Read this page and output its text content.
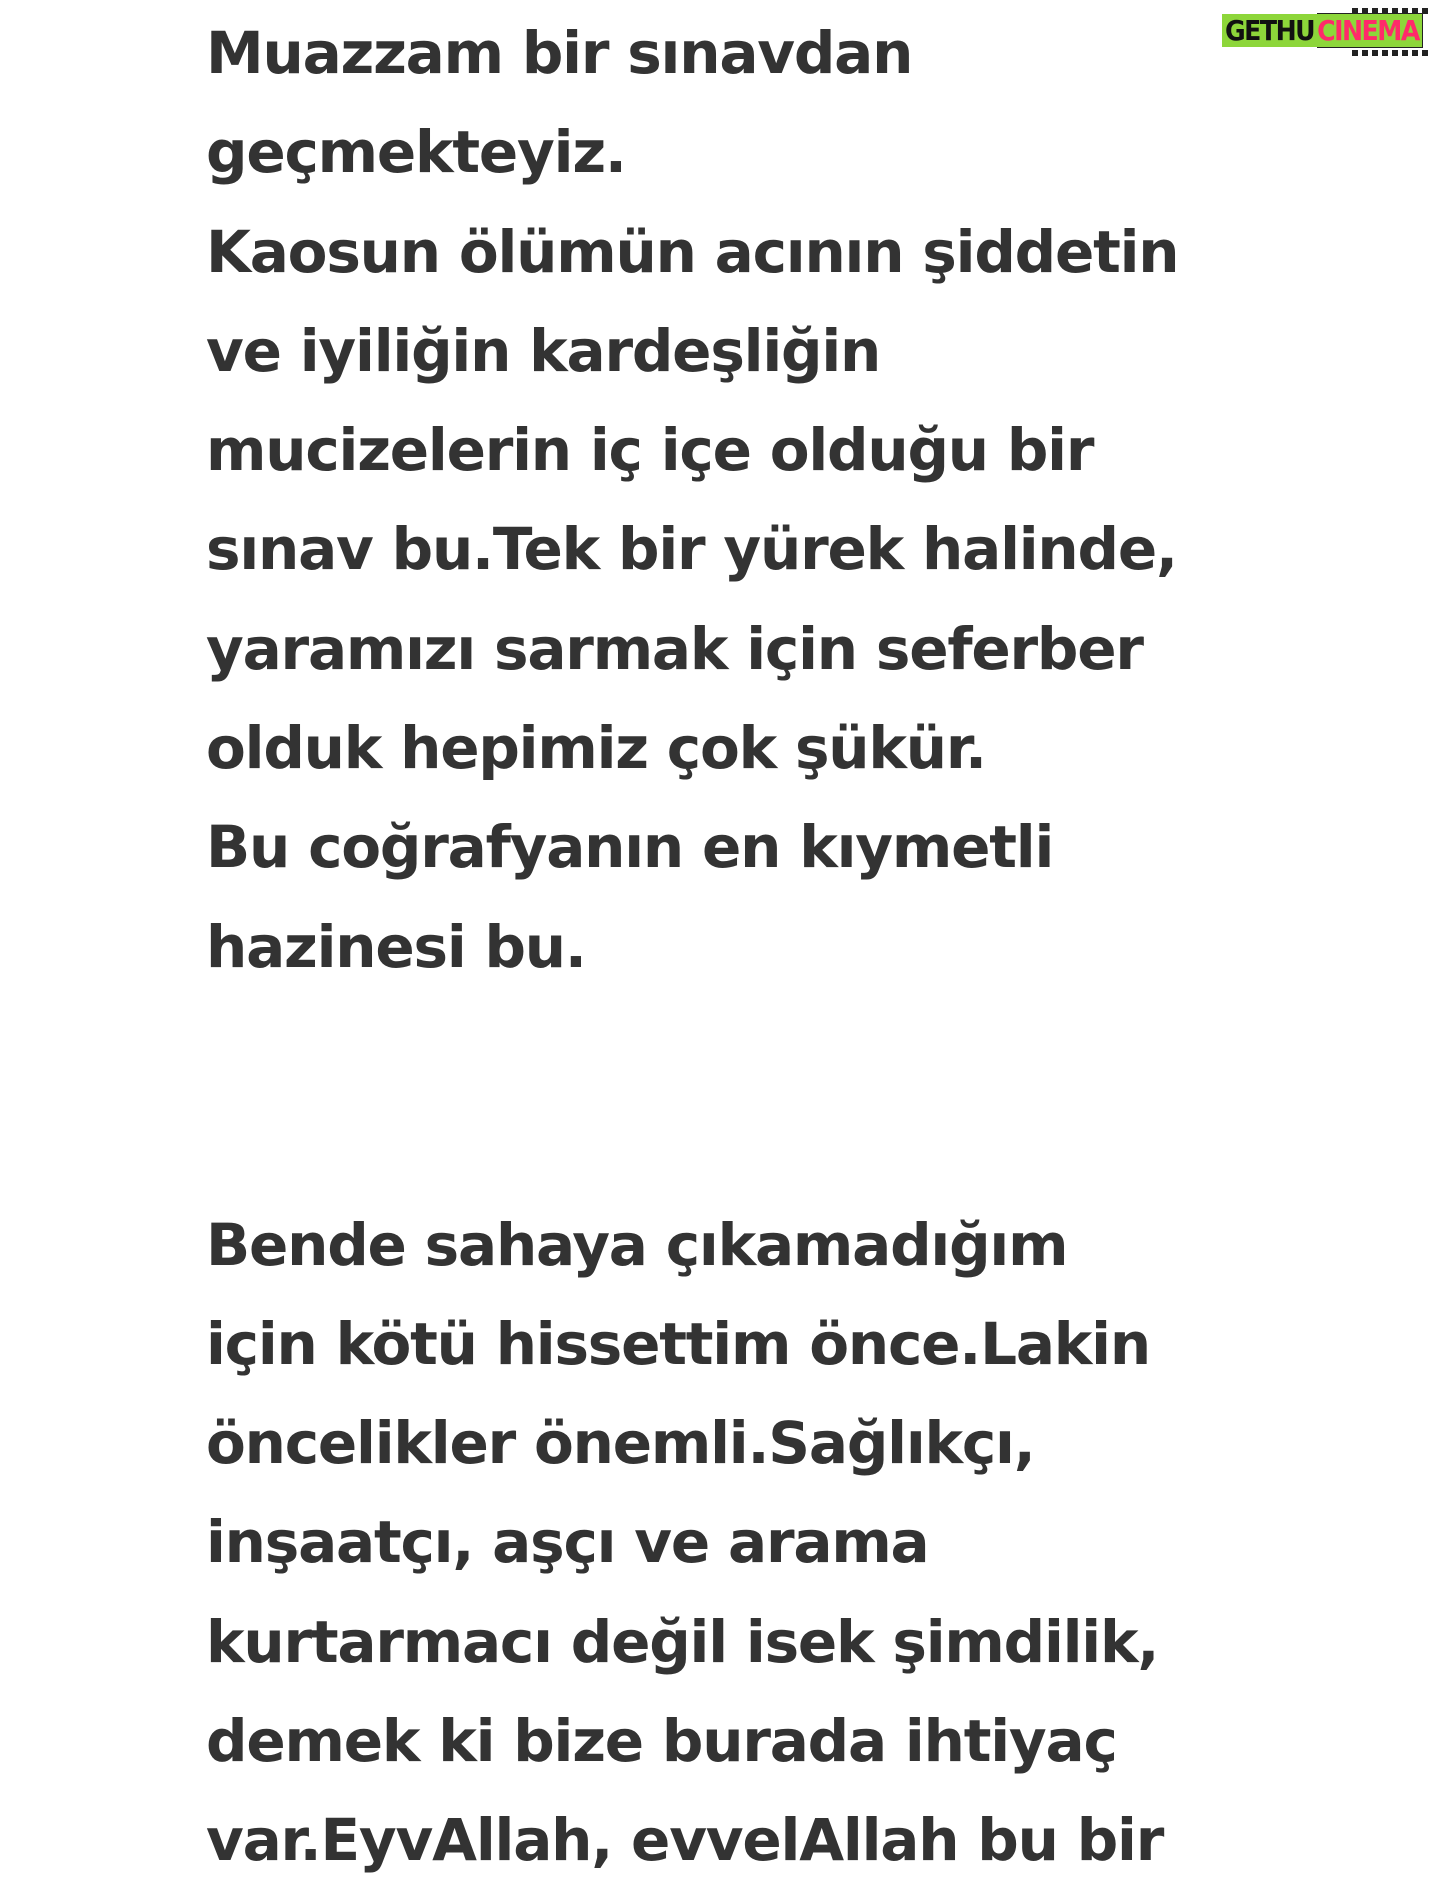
GETHU CINEMA
Muazzam bir sınavdan
geçmekteyiz.
Kaosun ölümün acının şiddetin
ve iyiliğin kardeşliğin
mucizelerin iç içe olduğu bir
sınav bu.Tek bir yürek halinde,
yaramızı sarmak için seferber
olduk hepimiz çok şükür.
Bu coğrafyanın en kıymetli
hazinesi bu.
Bende sahaya çıkamadığım
için kötü hissettim önce.Lakin
öncelikler önemli.Sağlıkçı,
inşaatçı, aşçı ve arama
kurtarmacı değil isek şimdilik,
demek ki bize burada ihtiyaç
var.EyvAllah, evvelAllah bu bir
